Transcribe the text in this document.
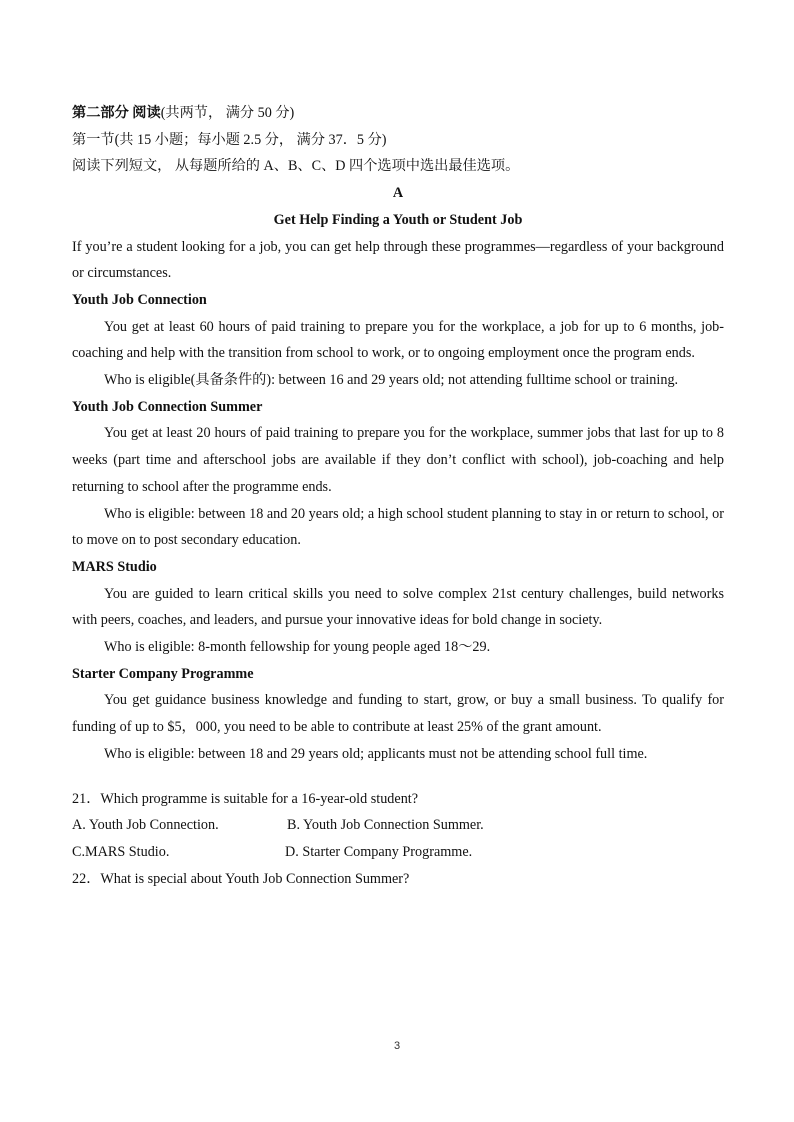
第二部分 阅读(共两节， 满分 50 分)
第一节(共 15 小题；每小题 2.5 分， 满分 37．5 分)
阅读下列短文， 从每题所给的 A、B、C、D 四个选项中选出最佳选项。
A
Get Help Finding a Youth or Student Job
If you’re a student looking for a job, you can get help through these programmes—regardless of your background or circumstances.
Youth Job Connection
You get at least 60 hours of paid training to prepare you for the workplace, a job for up to 6 months, job-coaching and help with the transition from school to work, or to ongoing employment once the program ends.
Who is eligible(具备条件的): between 16 and 29 years old; not attending fulltime school or training.
Youth Job Connection Summer
You get at least 20 hours of paid training to prepare you for the workplace, summer jobs that last for up to 8 weeks (part time and afterschool jobs are available if they don’t conflict with school), job-coaching and help returning to school after the programme ends.
Who is eligible: between 18 and 20 years old; a high school student planning to stay in or return to school, or to move on to post secondary education.
MARS Studio
You are guided to learn critical skills you need to solve complex 21st century challenges, build networks with peers, coaches, and leaders, and pursue your innovative ideas for bold change in society.
Who is eligible: 8-month fellowship for young people aged 18～29.
Starter Company Programme
You get guidance business knowledge and funding to start, grow, or buy a small business. To qualify for funding of up to $5，000, you need to be able to contribute at least 25% of the grant amount.
Who is eligible: between 18 and 29 years old; applicants must not be attending school full time.
21．Which programme is suitable for a 16-year-old student?
A. Youth Job Connection.	B. Youth Job Connection Summer.
C.MARS Studio.	D. Starter Company Programme.
22．What is special about Youth Job Connection Summer?
3
